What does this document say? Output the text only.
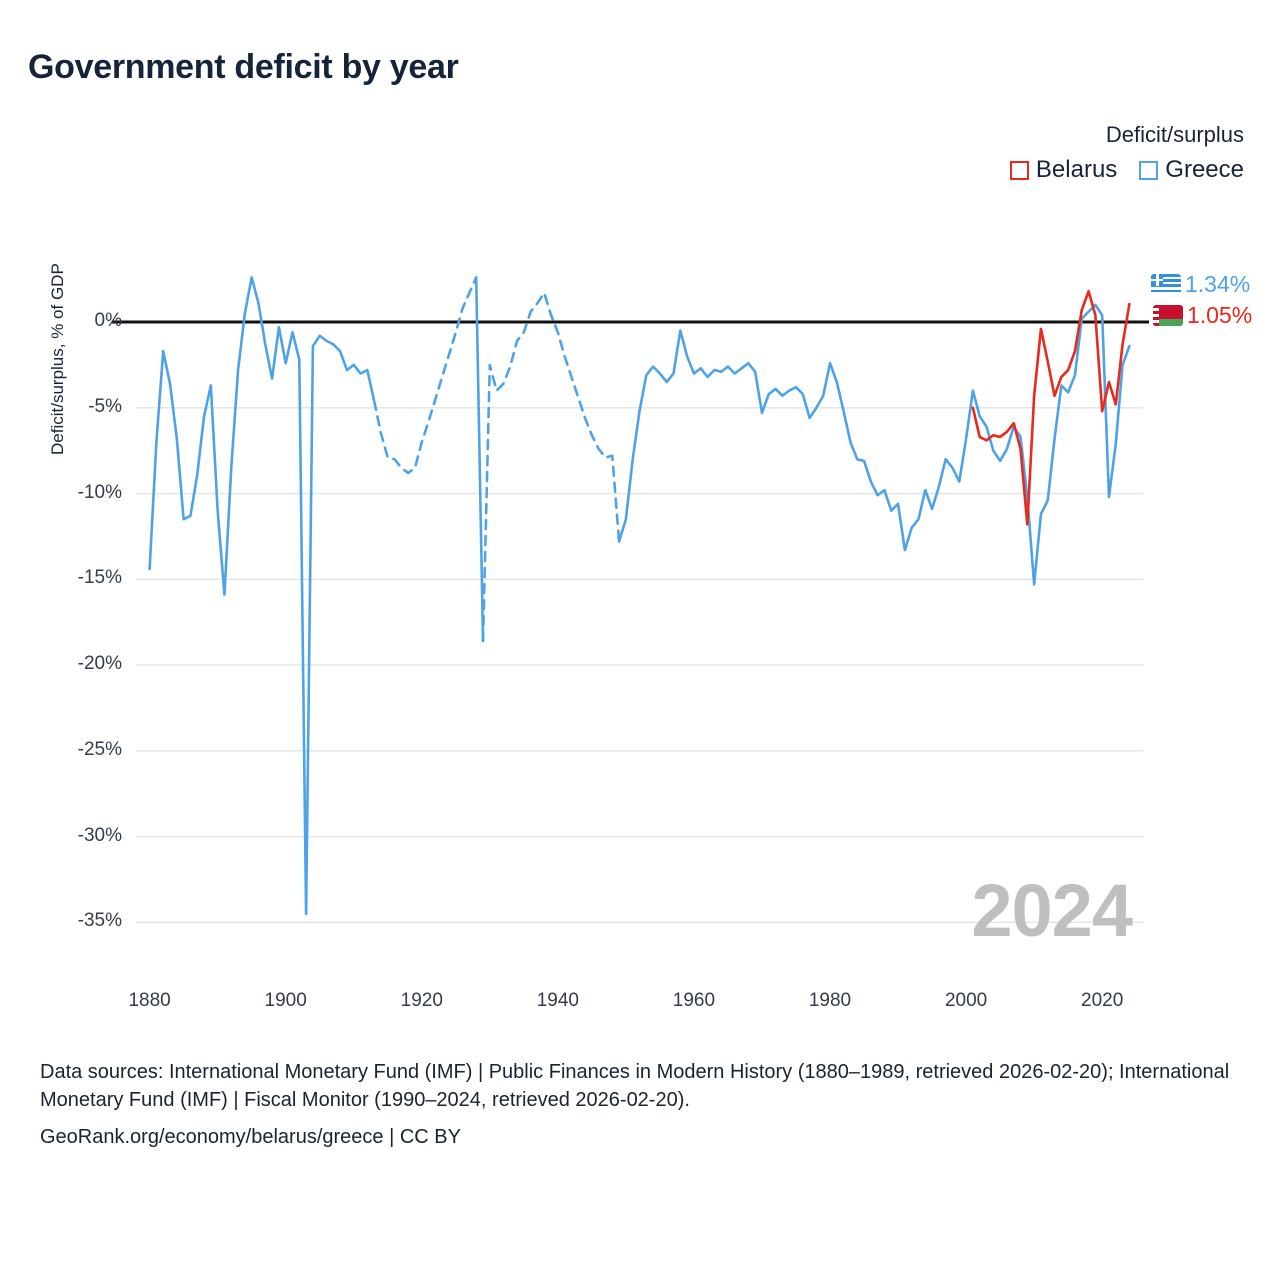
Government deficit by year
Deficit/surplus
Belarus Greece
Deficit/surplus, % of GDP	0%
-5%
-10%
-15%
-20%
-25%
-30%
-35%
1880	1900	1920	1940	1960	1980	2000	2020
2024
1.34%
1.05%

Data sources: International Monetary Fund (IMF) | Public Finances in Modern History (1880–1989, retrieved 2026-02-20); International Monetary Fund (IMF) | Fiscal Monitor (1990–2024, retrieved 2026-02-20).

GeoRank.org/economy/belarus/greece | CC BY
